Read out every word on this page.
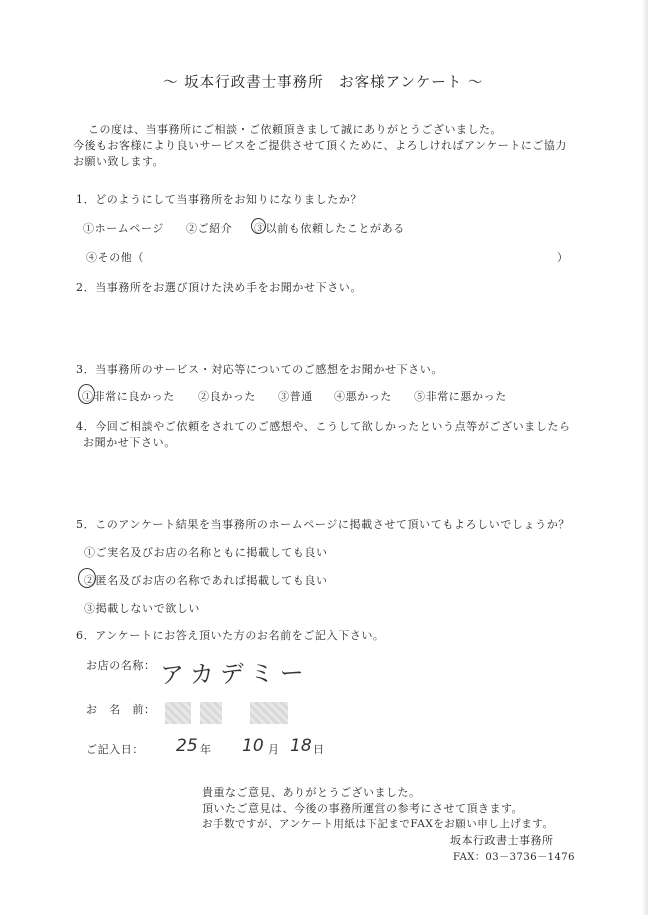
〜 坂本行政書士事務所　お客様アンケート 〜
この度は、当事務所にご相談・ご依頼頂きまして誠にありがとうございました。
今後もお客様により良いサービスをご提供させて頂くために、よろしければアンケートにご協力
お願い致します。
1．どのようにして当事務所をお知りになりましたか？
①ホームページ ②ご紹介 ③以前も依頼したことがある
④その他（	）
2．当事務所をお選び頂けた決め手をお聞かせ下さい。
3．当事務所のサービス・対応等についてのご感想をお聞かせ下さい。
①非常に良かった ②良かった ③普通 ④悪かった ⑤非常に悪かった
4．今回ご相談やご依頼をされてのご感想や、こうして欲しかったという点等がございましたら
お聞かせ下さい。
5．このアンケート結果を当事務所のホームページに掲載させて頂いてもよろしいでしょうか？
①ご実名及びお店の名称ともに掲載しても良い
②匿名及びお店の名称であれば掲載しても良い
③掲載しないで欲しい
6．アンケートにお答え頂いた方のお名前をご記入下さい。
お店の名称： アカデミー
お　名　前：
ご記入日： 25 年 10 月 18 日
貴重なご意見、ありがとうございました。
頂いたご意見は、今後の事務所運営の参考にさせて頂きます。
お手数ですが、アンケート用紙は下記までFAXをお願い申し上げます。
坂本行政書士事務所
FAX：03－3736－1476
